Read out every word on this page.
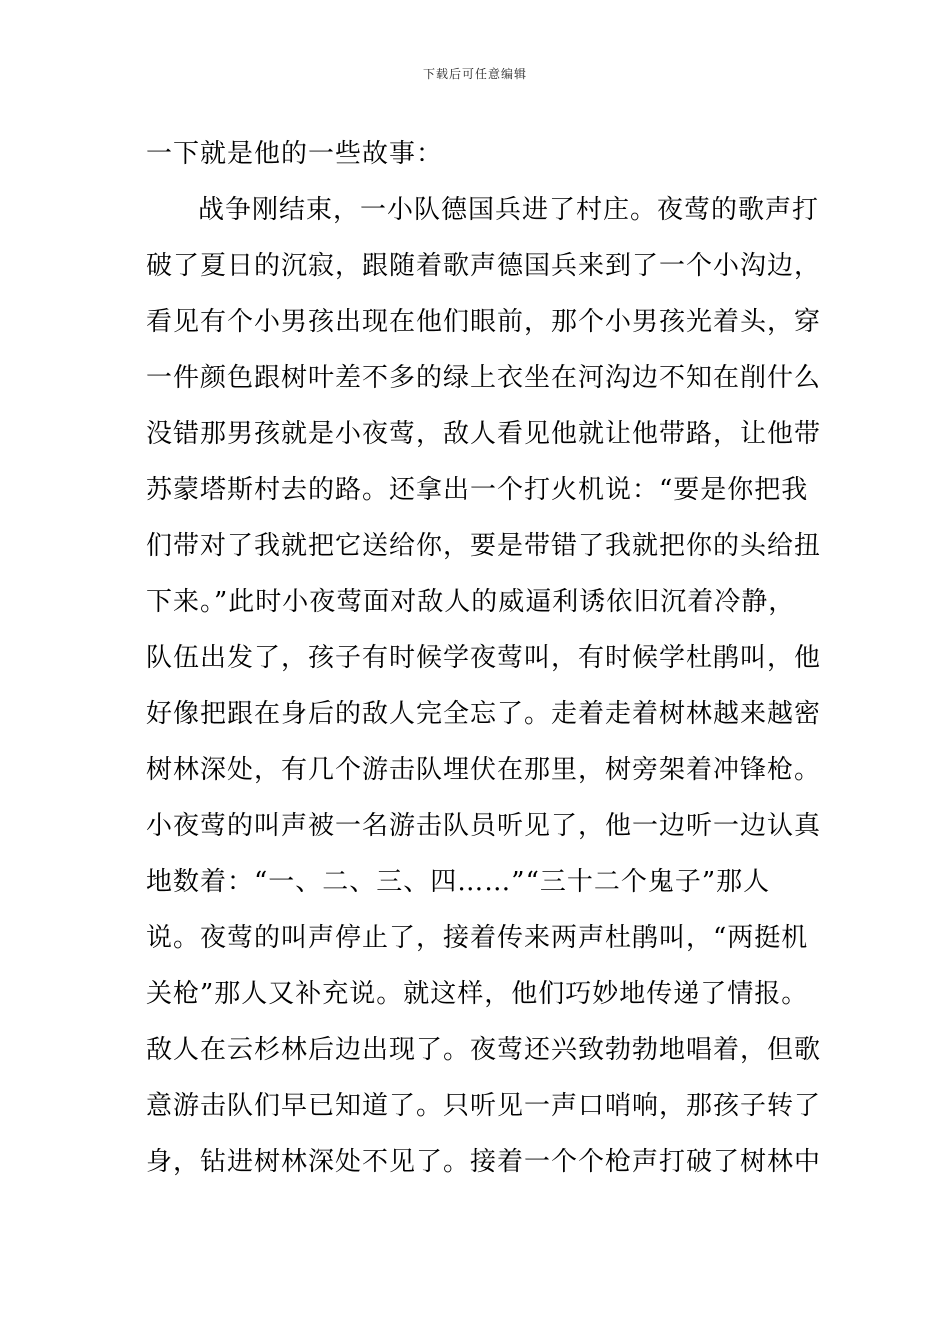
下载后可任意编辑
一下就是他的一些故事：
战争刚结束，一小队德国兵进了村庄。夜莺的歌声打
破了夏日的沉寂，跟随着歌声德国兵来到了一个小沟边，
看见有个小男孩出现在他们眼前，那个小男孩光着头，穿
一件颜色跟树叶差不多的绿上衣坐在河沟边不知在削什么
没错那男孩就是小夜莺，敌人看见他就让他带路，让他带
苏蒙塔斯村去的路。还拿出一个打火机说：“要是你把我
们带对了我就把它送给你，要是带错了我就把你的头给扭
下来。”此时小夜莺面对敌人的威逼利诱依旧沉着冷静，
队伍出发了，孩子有时候学夜莺叫，有时候学杜鹃叫，他
好像把跟在身后的敌人完全忘了。走着走着树林越来越密
树林深处，有几个游击队埋伏在那里，树旁架着冲锋枪。
小夜莺的叫声被一名游击队员听见了，他一边听一边认真
地数着：“一、二、三、四……”“三十二个鬼子”那人
说。夜莺的叫声停止了，接着传来两声杜鹃叫，“两挺机
关枪”那人又补充说。就这样，他们巧妙地传递了情报。
敌人在云杉林后边出现了。夜莺还兴致勃勃地唱着，但歌
意游击队们早已知道了。只听见一声口哨响，那孩子转了
身，钻进树林深处不见了。接着一个个枪声打破了树林中
